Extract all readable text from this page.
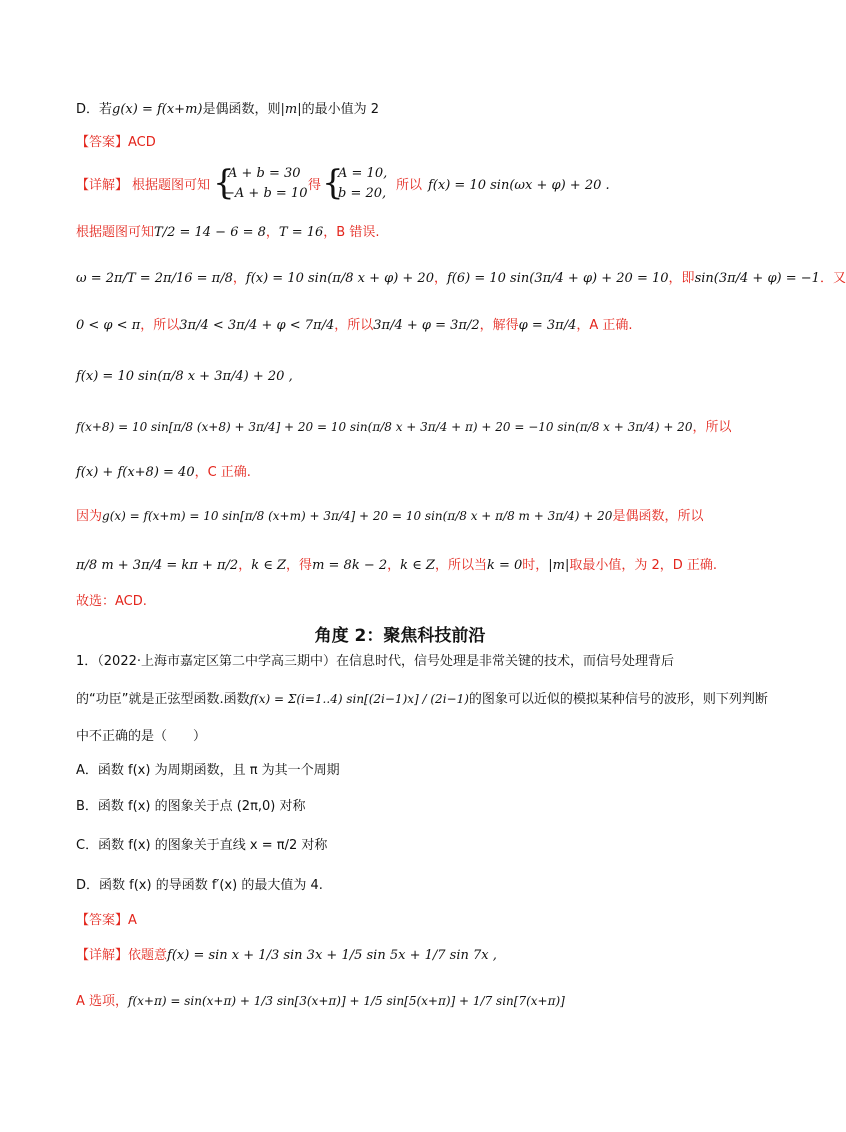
D．若g(x) = f(x+m)是偶函数，则|m|的最小值为 2
【答案】ACD
【详解】 根据题图可知 {
A + b = 30
−A + b = 10
得 {
A = 10,
b = 20,
所以 f(x) = 10 sin(ωx + φ) + 20 .
根据题图可知T/2 = 14 − 6 = 8，T = 16，B 错误.
ω = 2π/T = 2π/16 = π/8，f(x) = 10 sin(π/8 x + φ) + 20，f(6) = 10 sin(3π/4 + φ) + 20 = 10，即sin(3π/4 + φ) = −1．又
0 < φ < π，所以3π/4 < 3π/4 + φ < 7π/4，所以3π/4 + φ = 3π/2，解得φ = 3π/4，A 正确.
f(x) = 10 sin(π/8 x + 3π/4) + 20 ,
f(x+8) = 10 sin[π/8 (x+8) + 3π/4] + 20 = 10 sin(π/8 x + 3π/4 + π) + 20 = −10 sin(π/8 x + 3π/4) + 20，所以
f(x) + f(x+8) = 40，C 正确.
因为g(x) = f(x+m) = 10 sin[π/8 (x+m) + 3π/4] + 20 = 10 sin(π/8 x + π/8 m + 3π/4) + 20是偶函数，所以
π/8 m + 3π/4 = kπ + π/2，k ∈ Z，得m = 8k − 2，k ∈ Z，所以当k = 0时，|m|取最小值，为 2，D 正确.
故选：ACD.
角度 2：聚焦科技前沿
1．（2022·上海市嘉定区第二中学高三期中）在信息时代，信号处理是非常关键的技术，而信号处理背后
的“功臣”就是正弦型函数.函数f(x) = Σ(i=1..4) sin[(2i−1)x] / (2i−1)的图象可以近似的模拟某种信号的波形，则下列判断
中不正确的是（　　）
A．函数 f(x) 为周期函数，且 π 为其一个周期
B．函数 f(x) 的图象关于点 (2π,0) 对称
C．函数 f(x) 的图象关于直线 x = π/2 对称
D．函数 f(x) 的导函数 f′(x) 的最大值为 4.
【答案】A
【详解】依题意f(x) = sin x + 1/3 sin 3x + 1/5 sin 5x + 1/7 sin 7x ,
A 选项，f(x+π) = sin(x+π) + 1/3 sin[3(x+π)] + 1/5 sin[5(x+π)] + 1/7 sin[7(x+π)]
